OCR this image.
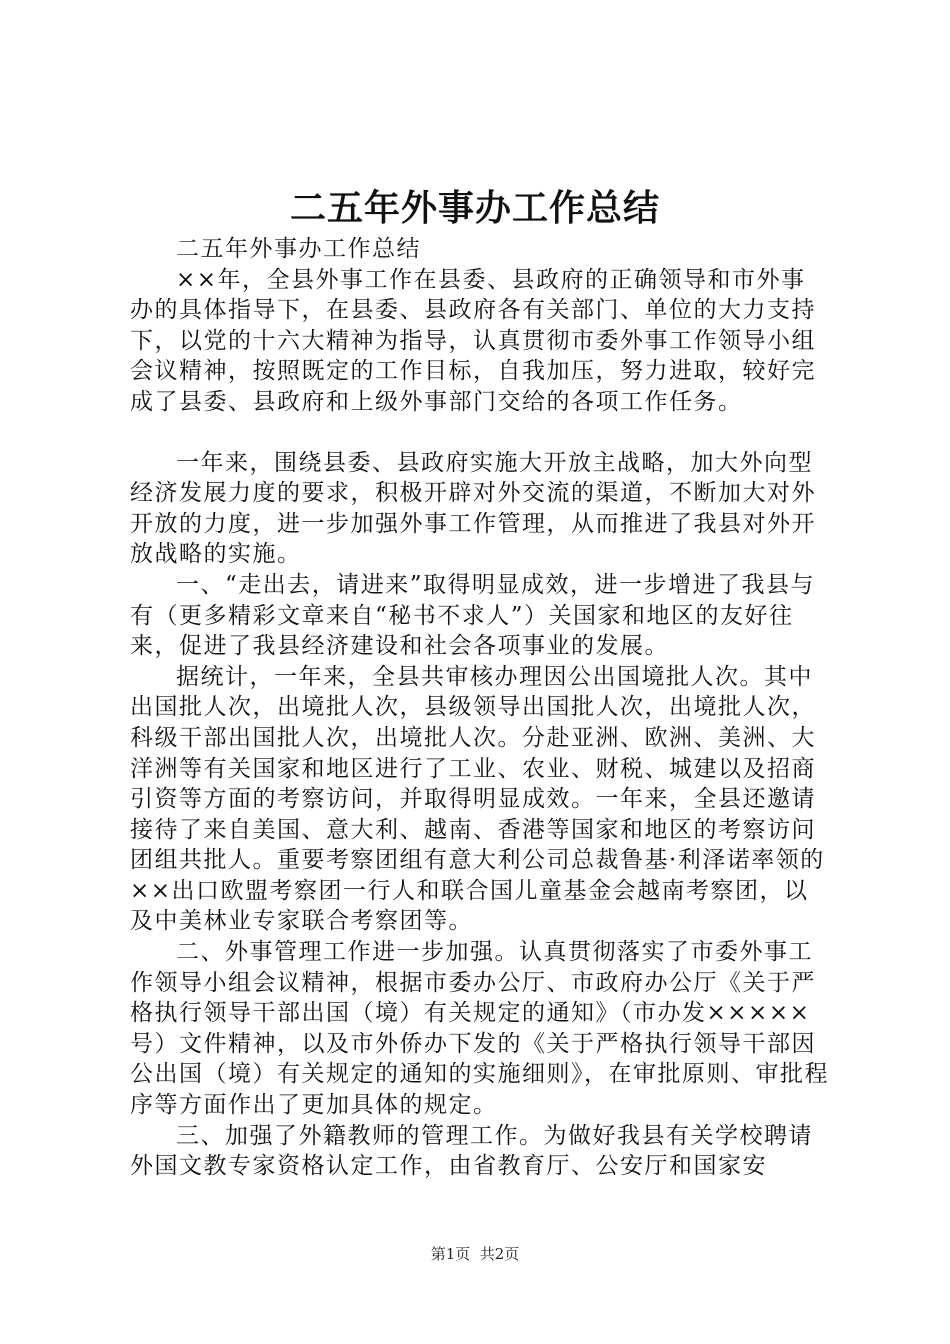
二五年外事办工作总结

二五年外事办工作总结

××年，全县外事工作在县委、县政府的正确领导和市外事办的具体指导下，在县委、县政府各有关部门、单位的大力支持下，以党的十六大精神为指导，认真贯彻市委外事工作领导小组会议精神，按照既定的工作目标，自我加压，努力进取，较好完成了县委、县政府和上级外事部门交给的各项工作任务。

一年来，围绕县委、县政府实施大开放主战略，加大外向型经济发展力度的要求，积极开辟对外交流的渠道，不断加大对外开放的力度，进一步加强外事工作管理，从而推进了我县对外开放战略的实施。

一、“走出去，请进来”取得明显成效，进一步增进了我县与有（更多精彩文章来自“秘书不求人”）关国家和地区的友好往来，促进了我县经济建设和社会各项事业的发展。

据统计，一年来，全县共审核办理因公出国境批人次。其中出国批人次，出境批人次，县级领导出国批人次，出境批人次，科级干部出国批人次，出境批人次。分赴亚洲、欧洲、美洲、大洋洲等有关国家和地区进行了工业、农业、财税、城建以及招商引资等方面的考察访问，并取得明显成效。一年来，全县还邀请接待了来自美国、意大利、越南、香港等国家和地区的考察访问团组共批人。重要考察团组有意大利公司总裁鲁基·利泽诺率领的××出口欧盟考察团一行人和联合国儿童基金会越南考察团，以及中美林业专家联合考察团等。

二、外事管理工作进一步加强。认真贯彻落实了市委外事工作领导小组会议精神，根据市委办公厅、市政府办公厅《关于严格执行领导干部出国（境）有关规定的通知》（市办发×××××号）文件精神，以及市外侨办下发的《关于严格执行领导干部因公出国（境）有关规定的通知的实施细则》，在审批原则、审批程序等方面作出了更加具体的规定。

三、加强了外籍教师的管理工作。为做好我县有关学校聘请外国文教专家资格认定工作，由省教育厅、公安厅和国家安

第1页  共2页
